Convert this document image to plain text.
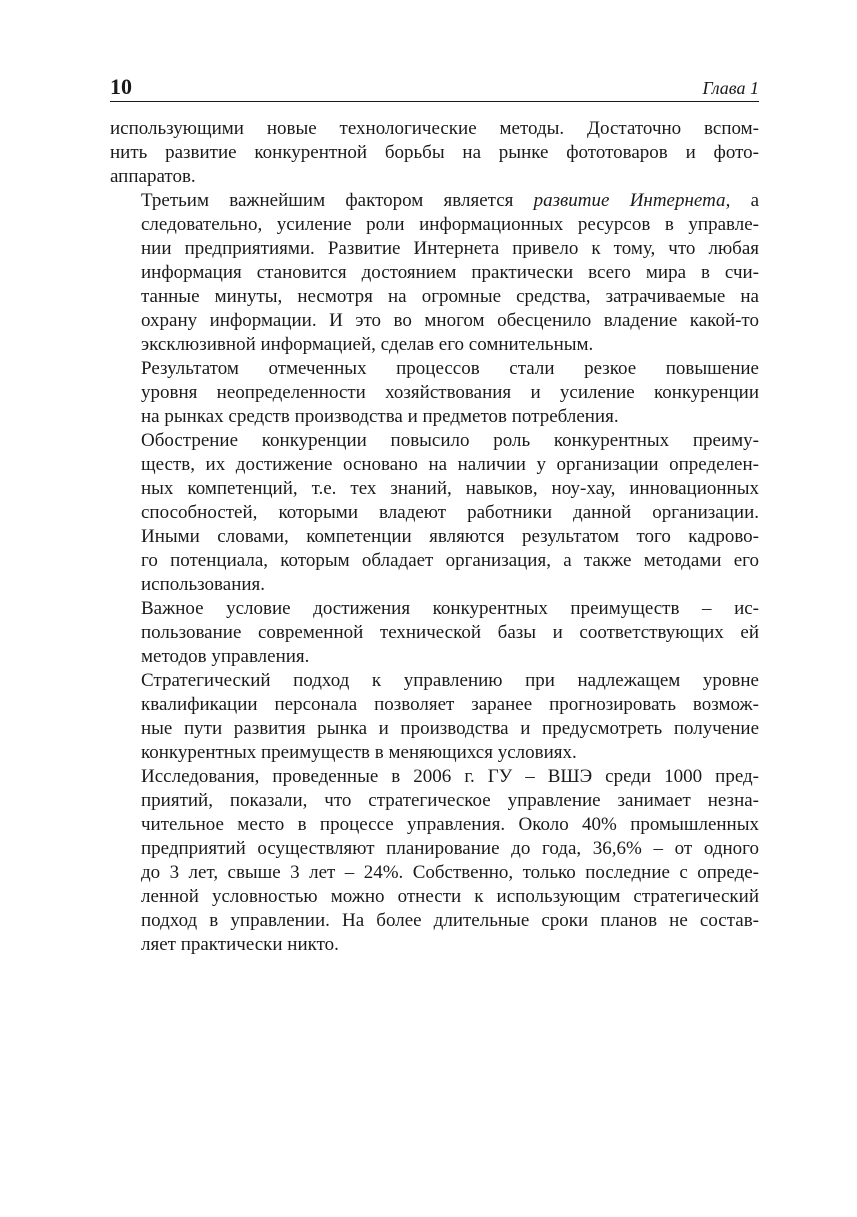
10	Глава 1

использующими новые технологические методы. Достаточно вспом-
нить развитие конкурентной борьбы на рынке фототоваров и фото-
аппаратов.

Третьим важнейшим фактором является развитие Интернета, а
следовательно, усиление роли информационных ресурсов в управле-
нии предприятиями. Развитие Интернета привело к тому, что любая
информация становится достоянием практически всего мира в счи-
танные минуты, несмотря на огромные средства, затрачиваемые на
охрану информации. И это во многом обесценило владение какой-то
эксклюзивной информацией, сделав его сомнительным.

Результатом отмеченных процессов стали резкое повышение
уровня неопределенности хозяйствования и усиление конкуренции
на рынках средств производства и предметов потребления.

Обострение конкуренции повысило роль конкурентных преиму-
ществ, их достижение основано на наличии у организации определен-
ных компетенций, т.е. тех знаний, навыков, ноу-хау, инновационных
способностей, которыми владеют работники данной организации.
Иными словами, компетенции являются результатом того кадрово-
го потенциала, которым обладает организация, а также методами его
использования.

Важное условие достижения конкурентных преимуществ – ис-
пользование современной технической базы и соответствующих ей
методов управления.

Стратегический подход к управлению при надлежащем уровне
квалификации персонала позволяет заранее прогнозировать возмож-
ные пути развития рынка и производства и предусмотреть получение
конкурентных преимуществ в меняющихся условиях.

Исследования, проведенные в 2006 г. ГУ – ВШЭ среди 1000 пред-
приятий, показали, что стратегическое управление занимает незна-
чительное место в процессе управления. Около 40% промышленных
предприятий осуществляют планирование до года, 36,6% – от одного
до 3 лет, свыше 3 лет – 24%. Собственно, только последние с опреде-
ленной условностью можно отнести к использующим стратегический
подход в управлении. На более длительные сроки планов не состав-
ляет практически никто.
